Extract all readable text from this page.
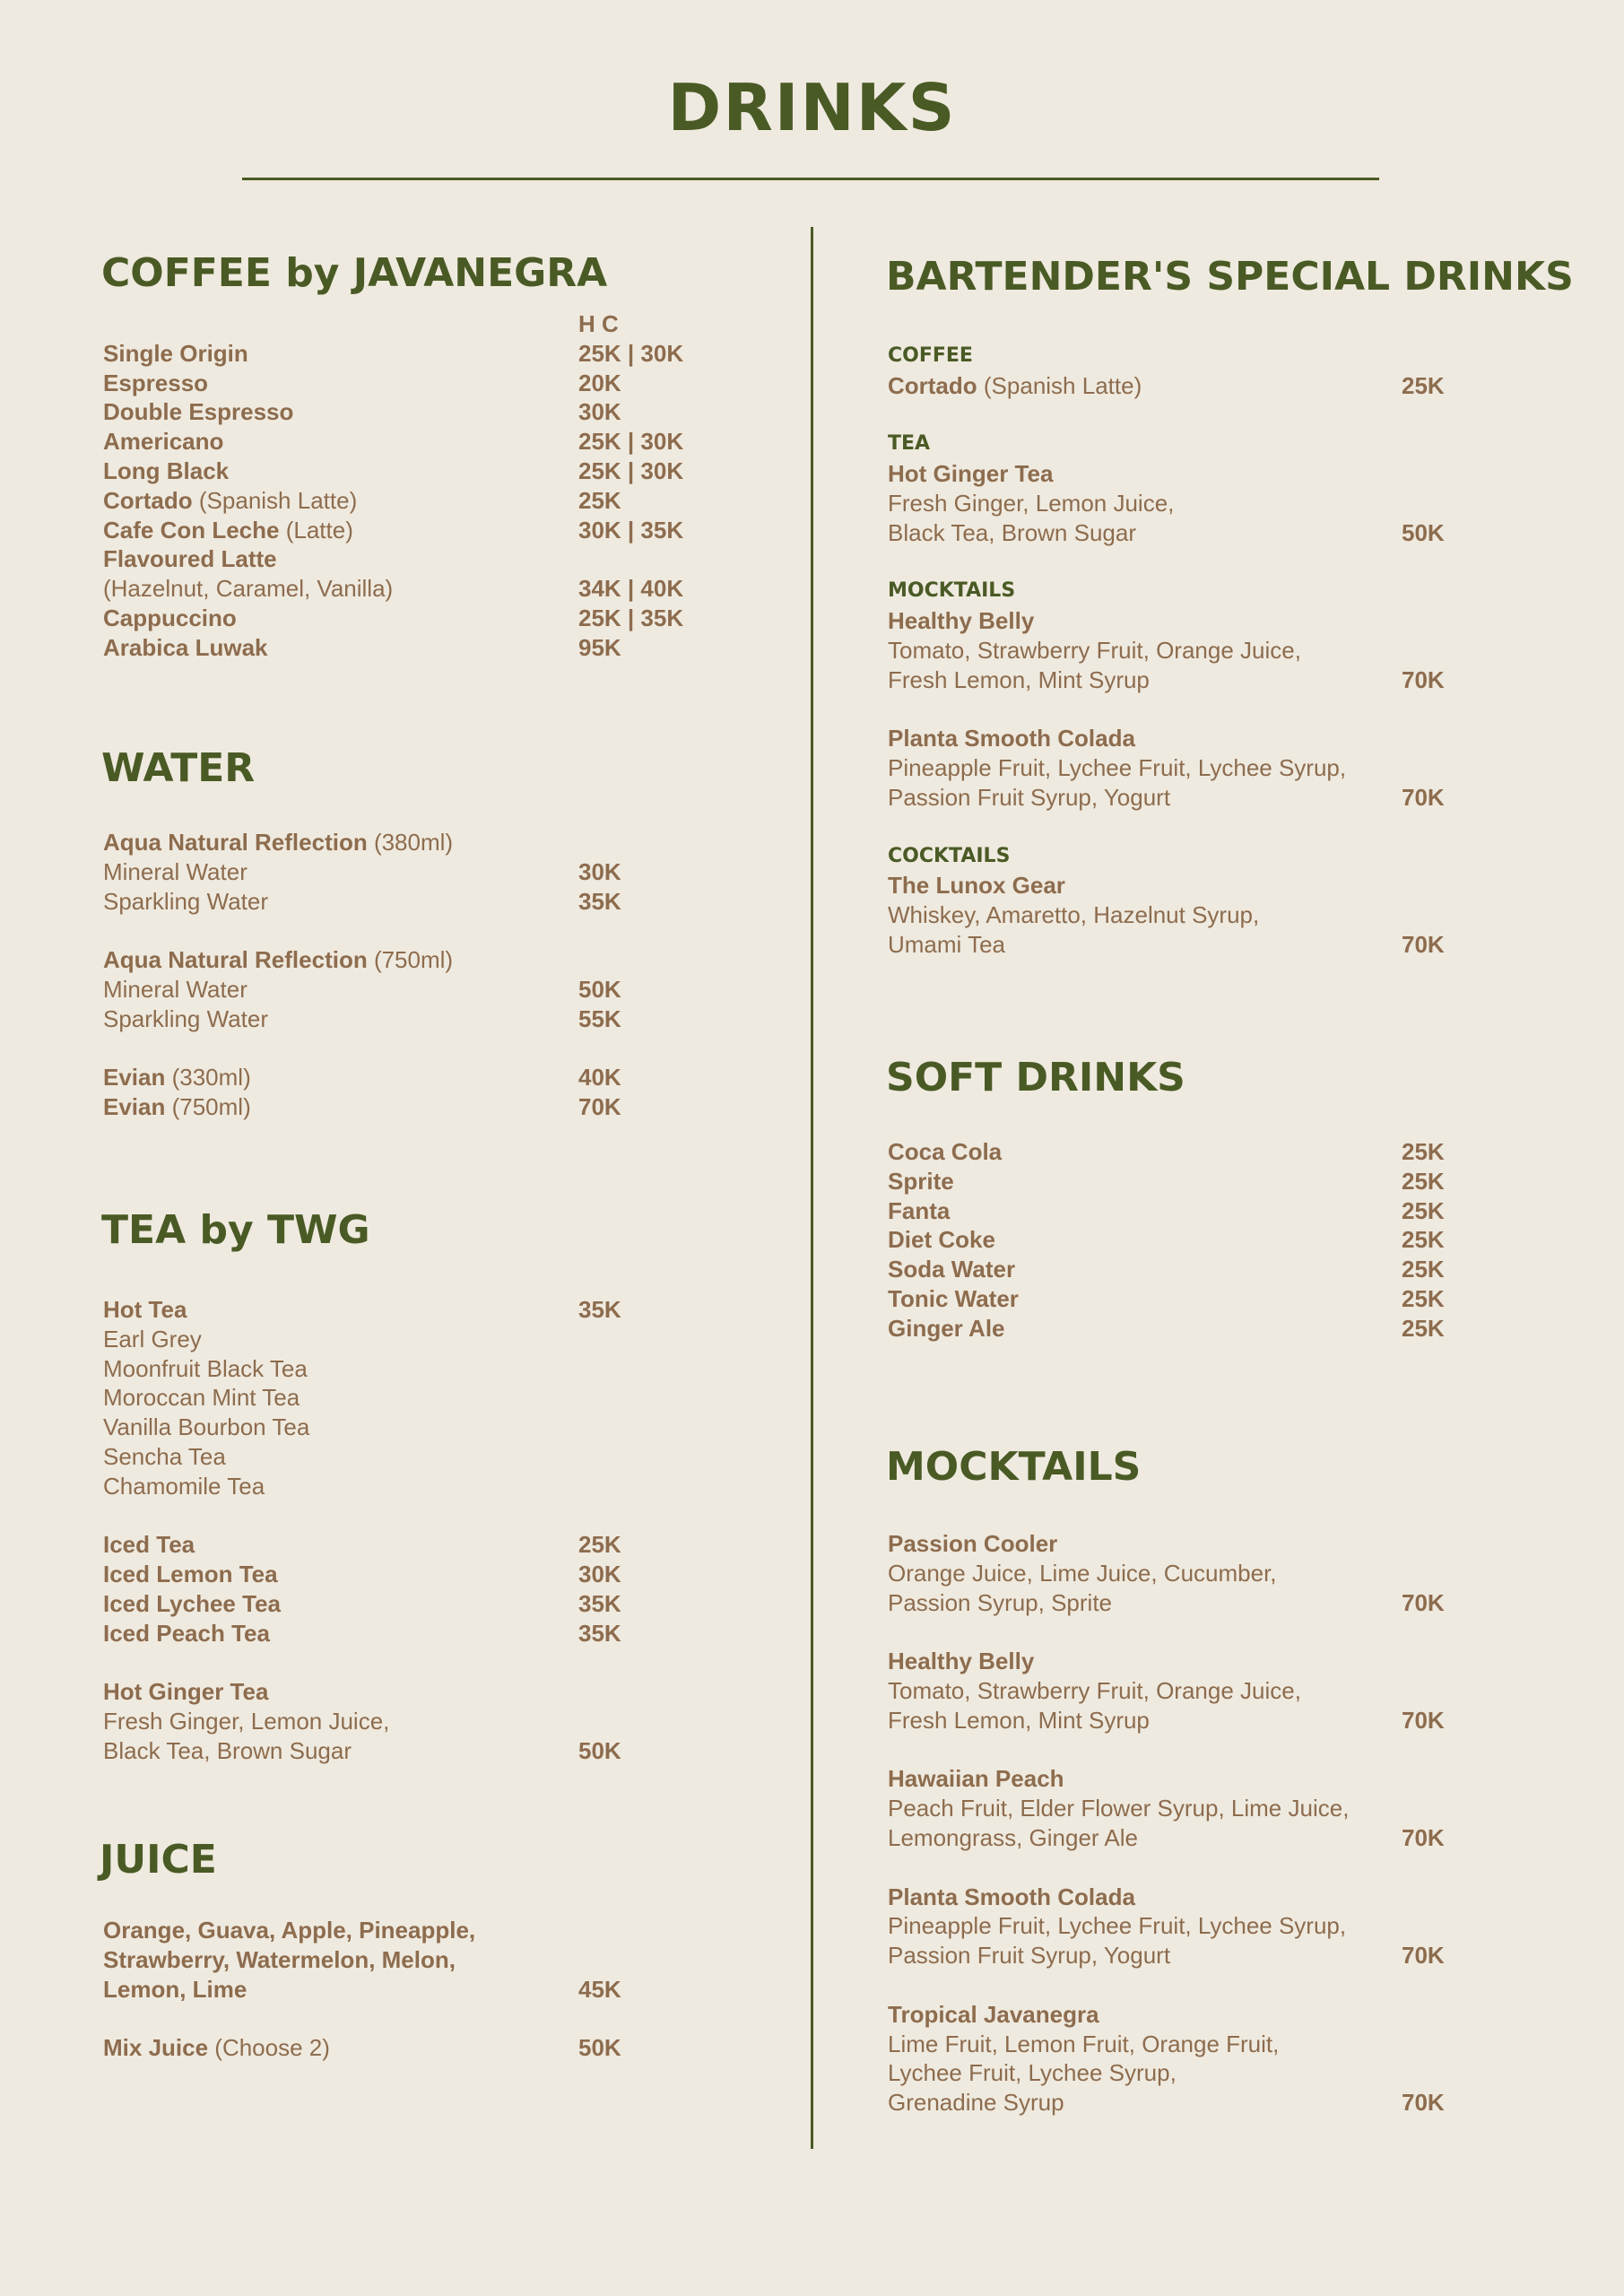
DRINKS
COFFEE by JAVANEGRA
H C
Single Origin	25K | 30K
Espresso	20K
Double Espresso	30K
Americano	25K | 30K
Long Black	25K | 30K
Cortado (Spanish Latte)	25K
Cafe Con Leche (Latte)	30K | 35K
Flavoured Latte
(Hazelnut, Caramel, Vanilla)	34K | 40K
Cappuccino	25K | 35K
Arabica Luwak	95K
WATER
Aqua Natural Reflection (380ml)
Mineral Water	30K
Sparkling Water	35K
Aqua Natural Reflection (750ml)
Mineral Water	50K
Sparkling Water	55K
Evian (330ml)	40K
Evian (750ml)	70K
TEA by TWG
Hot Tea	35K
Earl Grey
Moonfruit Black Tea
Moroccan Mint Tea
Vanilla Bourbon Tea
Sencha Tea
Chamomile Tea
Iced Tea	25K
Iced Lemon Tea	30K
Iced Lychee Tea	35K
Iced Peach Tea	35K
Hot Ginger Tea
Fresh Ginger, Lemon Juice,
Black Tea, Brown Sugar	50K
JUICE
Orange, Guava, Apple, Pineapple,
Strawberry, Watermelon, Melon,
Lemon, Lime	45K
Mix Juice (Choose 2)	50K
BARTENDER'S SPECIAL DRINKS
COFFEE
Cortado (Spanish Latte)	25K
TEA
Hot Ginger Tea
Fresh Ginger, Lemon Juice,
Black Tea, Brown Sugar	50K
MOCKTAILS
Healthy Belly
Tomato, Strawberry Fruit, Orange Juice,
Fresh Lemon, Mint Syrup	70K
Planta Smooth Colada
Pineapple Fruit, Lychee Fruit, Lychee Syrup,
Passion Fruit Syrup, Yogurt	70K
COCKTAILS
The Lunox Gear
Whiskey, Amaretto, Hazelnut Syrup,
Umami Tea	70K
SOFT DRINKS
Coca Cola	25K
Sprite	25K
Fanta	25K
Diet Coke	25K
Soda Water	25K
Tonic Water	25K
Ginger Ale	25K
MOCKTAILS
Passion Cooler
Orange Juice, Lime Juice, Cucumber,
Passion Syrup, Sprite	70K
Healthy Belly
Tomato, Strawberry Fruit, Orange Juice,
Fresh Lemon, Mint Syrup	70K
Hawaiian Peach
Peach Fruit, Elder Flower Syrup, Lime Juice,
Lemongrass, Ginger Ale	70K
Planta Smooth Colada
Pineapple Fruit, Lychee Fruit, Lychee Syrup,
Passion Fruit Syrup, Yogurt	70K
Tropical Javanegra
Lime Fruit, Lemon Fruit, Orange Fruit,
Lychee Fruit, Lychee Syrup,
Grenadine Syrup	70K
